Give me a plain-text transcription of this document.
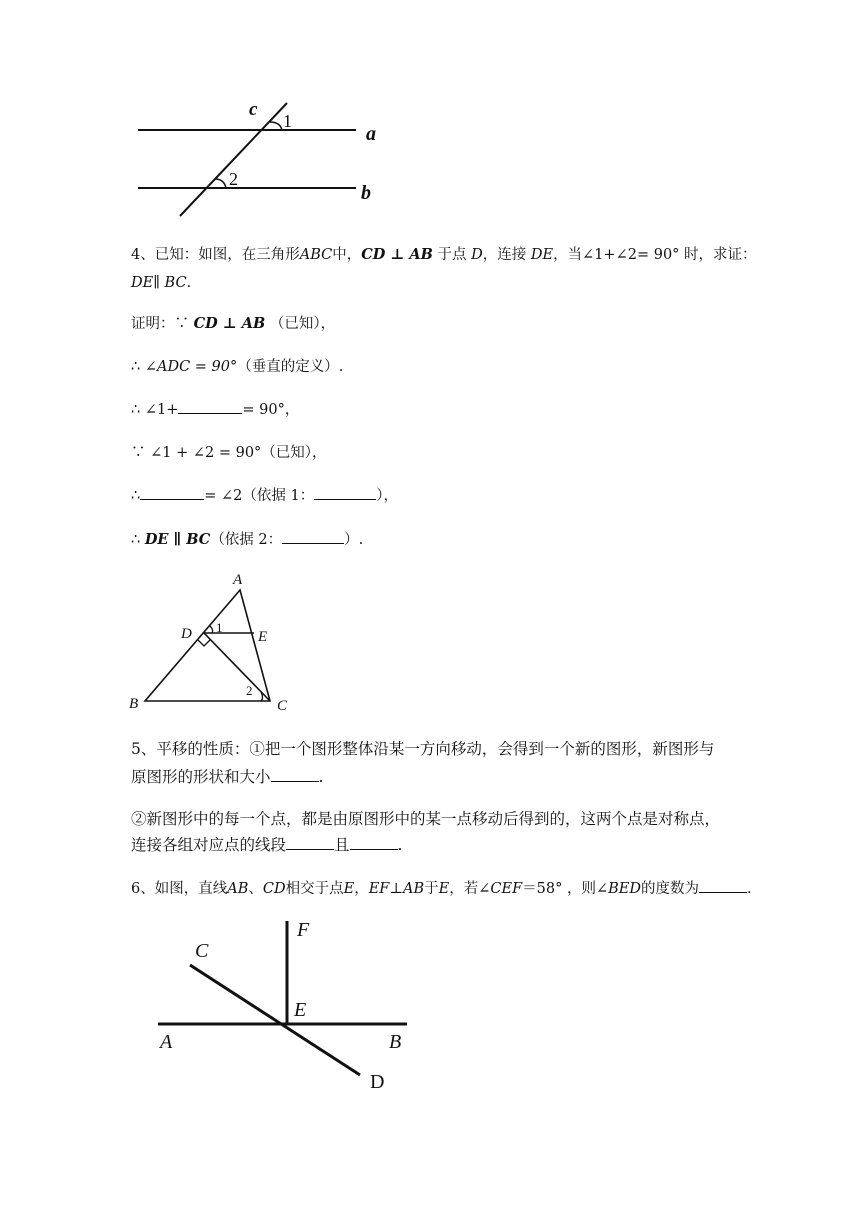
c
1
a
2
b
4、已知：如图，在三角形ABC中，CD ⊥ AB 于点 D，连接 DE，当∠1+∠2= 90° 时，求证：
DE∥ BC.
证明：∵ CD ⊥ AB （已知），
∴ ∠ADC = 90°（垂直的定义）.
∴ ∠1+	= 90°，
∵ ∠1 + ∠2 = 90°（已知），
∴	= ∠2（依据 1：	），
∴ DE ∥ BC（依据 2：	）.
A
D 1
E
2
B	C
5、平移的性质：①把一个图形整体沿某一方向移动，会得到一个新的图形，新图形与
原图形的形状和大小	.
②新图形中的每一个点，都是由原图形中的某一点移动后得到的，这两个点是对称点，
连接各组对应点的线段	且	.
6、如图，直线AB、CD相交于点E，EF⊥AB于E，若∠CEF＝58° ，则∠BED的度数为	.
F
C
E
A	B
D
